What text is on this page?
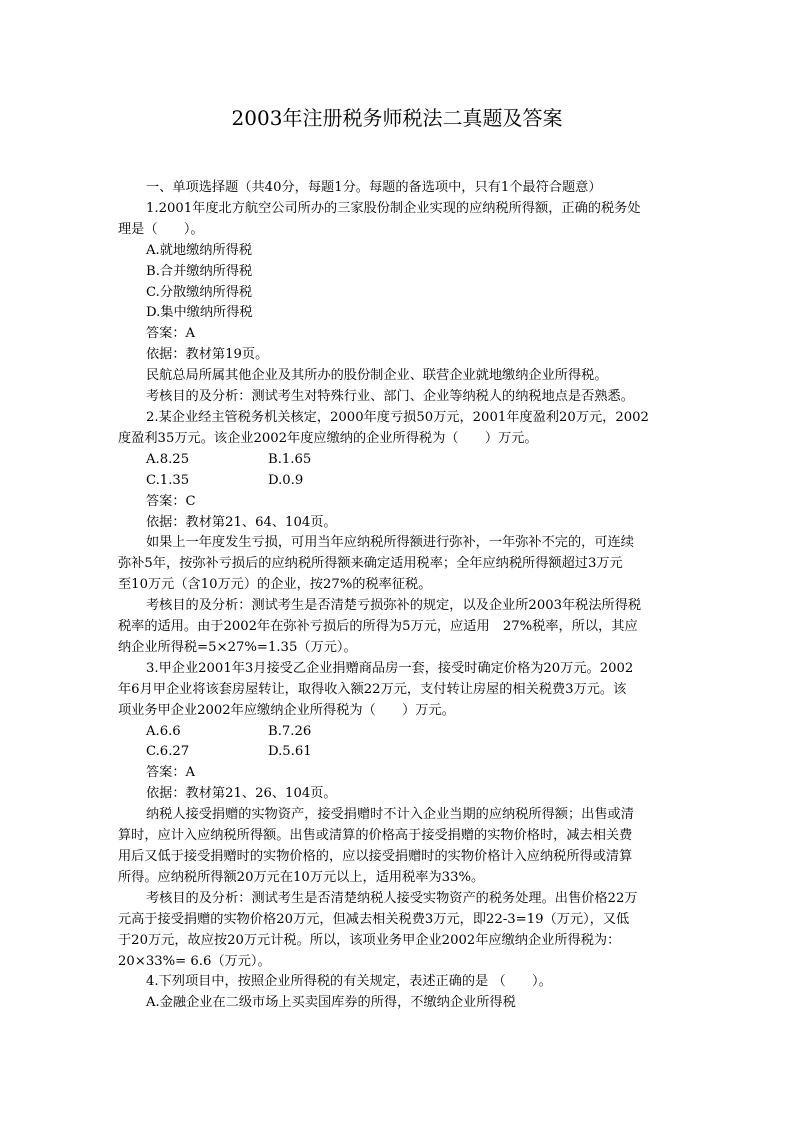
2003年注册税务师税法二真题及答案

一、单项选择题（共40分，每题1分。每题的备选项中，只有1个最符合题意）

1.2001年度北方航空公司所办的三家股份制企业实现的应纳税所得额，正确的税务处

理是（　　）。

A.就地缴纳所得税

B.合并缴纳所得税

C.分散缴纳所得税

D.集中缴纳所得税

答案：A

依据：教材第19页。

民航总局所属其他企业及其所办的股份制企业、联营企业就地缴纳企业所得税。

考核目的及分析：测试考生对特殊行业、部门、企业等纳税人的纳税地点是否熟悉。

2.某企业经主管税务机关核定，2000年度亏损50万元，2001年度盈利20万元，2002

度盈利35万元。该企业2002年度应缴纳的企业所得税为（　　）万元。

A.8.25	B.1.65

C.1.35	D.0.9

答案：C

依据：教材第21、64、104页。

如果上一年度发生亏损，可用当年应纳税所得额进行弥补，一年弥补不完的，可连续

弥补5年，按弥补亏损后的应纳税所得额来确定适用税率；全年应纳税所得额超过3万元

至10万元（含10万元）的企业，按27%的税率征税。

考核目的及分析：测试考生是否清楚亏损弥补的规定，以及企业所2003年税法所得税

税率的适用。由于2002年在弥补亏损后的所得为5万元，应适用　27%税率，所以，其应

纳企业所得税=5×27%=1.35（万元）。

3.甲企业2001年3月接受乙企业捐赠商品房一套，接受时确定价格为20万元。2002

年6月甲企业将该套房屋转让，取得收入额22万元，支付转让房屋的相关税费3万元。该

项业务甲企业2002年应缴纳企业所得税为（　　）万元。

A.6.6	B.7.26

C.6.27	D.5.61

答案：A

依据：教材第21、26、104页。

纳税人接受捐赠的实物资产，接受捐赠时不计入企业当期的应纳税所得额；出售或清

算时，应计入应纳税所得额。出售或清算的价格高于接受捐赠的实物价格时，减去相关费

用后又低于接受捐赠时的实物价格的，应以接受捐赠时的实物价格计入应纳税所得或清算

所得。应纳税所得额20万元在10万元以上，适用税率为33%。

考核目的及分析：测试考生是否清楚纳税人接受实物资产的税务处理。出售价格22万

元高于接受捐赠的实物价格20万元，但减去相关税费3万元，即22-3=19（万元），又低

于20万元，故应按20万元计税。所以，该项业务甲企业2002年应缴纳企业所得税为：

20×33%= 6.6（万元）。

4.下列项目中，按照企业所得税的有关规定，表述正确的是 （　　）。

A.金融企业在二级市场上买卖国库券的所得，不缴纳企业所得税
